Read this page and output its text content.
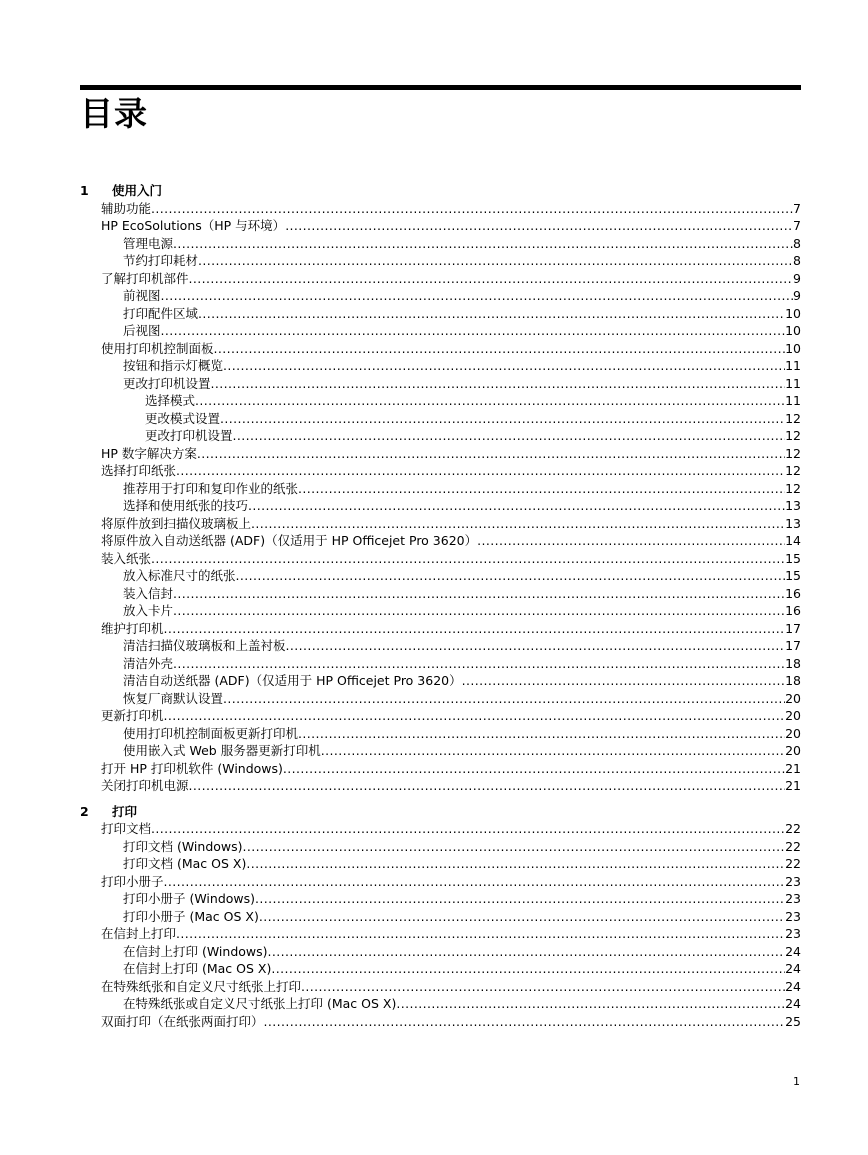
目录
1	使用入门
辅助功能 .....	7
HP EcoSolutions（HP 与环境） .....	7
管理电源 .....	8
节约打印耗材 .....	8
了解打印机部件 .....	9
前视图 .....	9
打印配件区域 .....	10
后视图 .....	10
使用打印机控制面板 .....	10
按钮和指示灯概览 .....	11
更改打印机设置 .....	11
选择模式 .....	11
更改模式设置 .....	12
更改打印机设置 .....	12
HP 数字解决方案 .....	12
选择打印纸张 .....	12
推荐用于打印和复印作业的纸张 .....	12
选择和使用纸张的技巧 .....	13
将原件放到扫描仪玻璃板上 .....	13
将原件放入自动送纸器 (ADF)（仅适用于 HP Officejet Pro 3620） .....	14
装入纸张 .....	15
放入标准尺寸的纸张 .....	15
装入信封 .....	16
放入卡片 .....	16
维护打印机 .....	17
清洁扫描仪玻璃板和上盖衬板 .....	17
清洁外壳 .....	18
清洁自动送纸器 (ADF)（仅适用于 HP Officejet Pro 3620） .....	18
恢复厂商默认设置 .....	20
更新打印机 .....	20
使用打印机控制面板更新打印机 .....	20
使用嵌入式 Web 服务器更新打印机 .....	20
打开 HP 打印机软件 (Windows) .....	21
关闭打印机电源 .....	21
2	打印
打印文档 .....	22
打印文档 (Windows) .....	22
打印文档 (Mac OS X) .....	22
打印小册子 .....	23
打印小册子 (Windows) .....	23
打印小册子 (Mac OS X) .....	23
在信封上打印 .....	23
在信封上打印 (Windows) .....	24
在信封上打印 (Mac OS X) .....	24
在特殊纸张和自定义尺寸纸张上打印 .....	24
在特殊纸张或自定义尺寸纸张上打印 (Mac OS X) .....	24
双面打印（在纸张两面打印） .....	25
1
